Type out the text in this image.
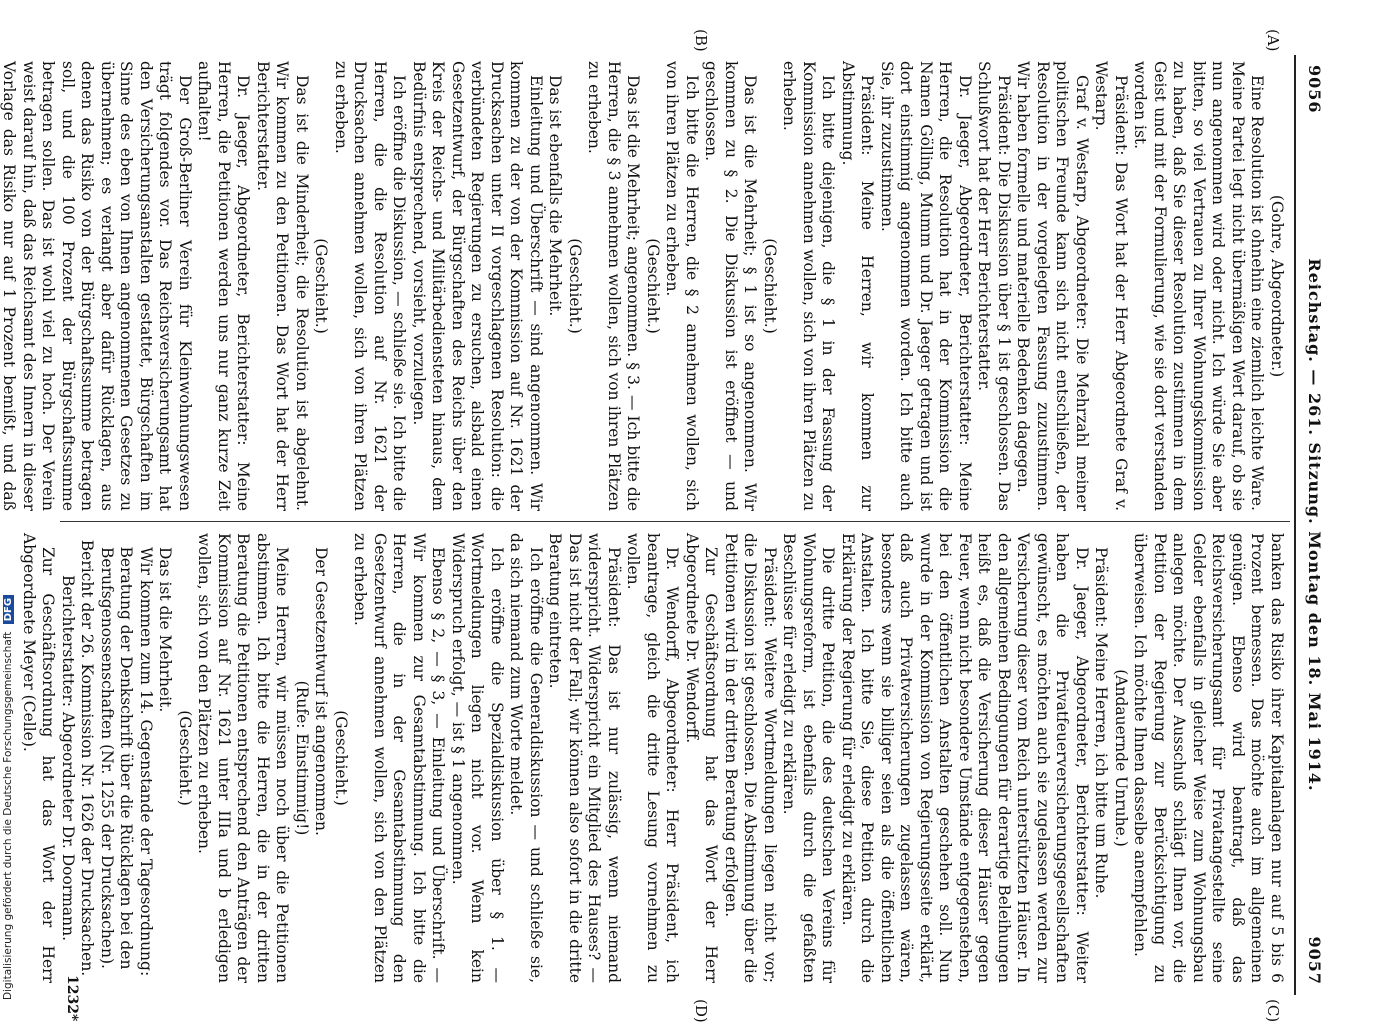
9056
Reichstag. — 261. Sitzung. Montag den 18. Mai 1914.
9057
(A)
(B)
(C)
(D)

(Gohre, Abgeordneter.)

Eine Resolution ist ohnehin eine ziemlich leichte Ware. Meine Partei legt nicht übermäßigen Wert darauf, ob sie nun angenommen wird oder nicht. Ich würde Sie aber bitten, so viel Vertrauen zu Ihrer Wohnungskommission zu haben, daß Sie dieser Resolution zustimmen in dem Geist und mit der Formulierung, wie sie dort verstanden worden ist.

Präsident: Das Wort hat der Herr Abgeordnete Graf v. Westarp.

Graf v. Westarp, Abgeordneter: Die Mehrzahl meiner politischen Freunde kann sich nicht entschließen, der Resolution in der vorgelegten Fassung zuzustimmen. Wir haben formelle und materielle Bedenken dagegen.

Präsident: Die Diskussion über § 1 ist geschlossen. Das Schlußwort hat der Herr Berichterstatter.

Dr. Jaeger, Abgeordneter, Berichterstatter: Meine Herren, die Resolution hat in der Kommission die Namen Gölling, Mumm und Dr. Jaeger getragen und ist dort einstimmig angenommen worden. Ich bitte auch Sie, ihr zuzustimmen.

Präsident: Meine Herren, wir kommen zur Abstimmung.

Ich bitte diejenigen, die § 1 in der Fassung der Kommission annehmen wollen, sich von ihren Plätzen zu erheben.

(Geschieht.)

Das ist die Mehrheit; § 1 ist so angenommen. Wir kommen zu § 2. Die Diskussion ist eröffnet — und geschlossen.

Ich bitte die Herren, die § 2 annehmen wollen, sich von ihren Plätzen zu erheben.

(Geschieht.)

Das ist die Mehrheit; angenommen. § 3. — Ich bitte die Herren, die § 3 annehmen wollen, sich von ihren Plätzen zu erheben.

(Geschieht.)

Das ist ebenfalls die Mehrheit.

Einleitung und Überschrift — sind angenommen. Wir kommen zu der von der Kommission auf Nr. 1621 der Drucksachen unter II vorgeschlagenen Resolution: die verbündeten Regierungen zu ersuchen, alsbald einen Gesetzentwurf, der Bürgschaften des Reichs über den Kreis der Reichs- und Militärbediensteten hinaus, dem Bedürfnis entsprechend, vorsieht, vorzulegen.

Ich eröffne die Diskussion, — schließe sie. Ich bitte die Herren, die die Resolution auf Nr. 1621 der Drucksachen annehmen wollen, sich von ihren Plätzen zu erheben.

(Geschieht.)

Das ist die Minderheit; die Resolution ist abgelehnt. Wir kommen zu den Petitionen. Das Wort hat der Herr Berichterstatter.

Dr. Jaeger, Abgeordneter, Berichterstatter: Meine Herren, die Petitionen werden uns nur ganz kurze Zeit aufhalten!

Der Groß-Berliner Verein für Kleinwohnungswesen trägt folgendes vor. Das Reichsversicherungsamt hat den Versicherungsanstalten gestattet, Bürgschaften im Sinne des eben von Ihnen angenommenen Gesetzes zu übernehmen; es verlangt aber dafür Rücklagen, aus denen das Risiko von der Bürgschaftssumme betragen soll, und die 100 Prozent der Bürgschaftssumme betragen sollen. Das ist wohl viel zu hoch. Der Verein weist darauf hin, daß das Reichsamt des Innern in dieser Vorlage das Risiko nur auf 1 Prozent bemißt, und daß

banken das Risiko ihrer Kapitalanlagen nur auf 5 bis 6 Prozent bemessen. Das möchte auch im allgemeinen genügen. Ebenso wird beantragt, daß das Reichsversicherungsamt für Privatangestellte seine Gelder ebenfalls in gleicher Weise zum Wohnungsbau anlegen möchte. Der Ausschuß schlägt Ihnen vor, die Petition der Regierung zur Berücksichtigung zu überweisen. Ich möchte Ihnen dasselbe anempfehlen.

(Andauernde Unruhe.)

Präsident: Meine Herren, ich bitte um Ruhe.

Dr. Jaeger, Abgeordneter, Berichterstatter: Weiter haben die Privatfeuerversicherungsgesellschaften gewünscht, es möchten auch sie zugelassen werden zur Versicherung dieser vom Reich unterstützten Häuser. In den allgemeinen Bedingungen für derartige Beleihungen heißt es, daß die Versicherung dieser Häuser gegen Feuer, wenn nicht besondere Umstände entgegenstehen, bei den öffentlichen Anstalten geschehen soll. Nun wurde in der Kommission von Regierungsseite erklärt, daß auch Privatversicherungen zugelassen wären, besonders wenn sie billiger seien als die öffentlichen Anstalten. Ich bitte Sie, diese Petition durch die Erklärung der Regierung für erledigt zu erklären.

Die dritte Petition, die des deutschen Vereins für Wohnungsreform, ist ebenfalls durch die gefaßten Beschlüsse für erledigt zu erklären.

Präsident: Weitere Wortmeldungen liegen nicht vor; die Diskussion ist geschlossen. Die Abstimmung über die Petitionen wird in der dritten Beratung erfolgen.

Zur Geschäftsordnung hat das Wort der Herr Abgeordnete Dr. Wendorff.

Dr. Wendorff, Abgeordneter: Herr Präsident, ich beantrage, gleich die dritte Lesung vornehmen zu wollen.

Präsident: Das ist nur zulässig, wenn niemand widerspricht. Widerspricht ein Mitglied des Hauses? — Das ist nicht der Fall; wir können also sofort in die dritte Beratung eintreten.

Ich eröffne die Generaldiskussion — und schließe sie, da sich niemand zum Worte meldet.

Ich eröffne die Spezialdiskussion über § 1. — Wortmeldungen liegen nicht vor. Wenn kein Widerspruch erfolgt, — ist § 1 angenommen.

Ebenso § 2, — § 3, — Einleitung und Überschrift. — Wir kommen zur Gesamtabstimmung. Ich bitte die Herren, die in der Gesamtabstimmung den Gesetzentwurf annehmen wollen, sich von den Plätzen zu erheben.

(Geschieht.)

Der Gesetzentwurf ist angenommen.

(Rufe: Einstimmig!)

Meine Herren, wir müssen noch über die Petitionen abstimmen. Ich bitte die Herren, die in der dritten Beratung die Petitionen entsprechend den Anträgen der Kommission auf Nr. 1621 unter IIIa und b erledigen wollen, sich von den Plätzen zu erheben.

(Geschieht.)

Das ist die Mehrheit.

Wir kommen zum 14. Gegenstande der Tagesordnung:

Beratung der Denkschrift über die Rücklagen bei den Berufsgenossenschaften (Nr. 1255 der Drucksachen).

Bericht der 26. Kommission Nr. 1626 der Drucksachen.

Berichterstatter: Abgeordneter Dr. Doormann.

Zur Geschäftsordnung hat das Wort der Herr Abgeordnete Meyer (Celle).

1232*
Digitalisierung gefördert durch die Deutsche Forschungsgemeinschaft DFG
